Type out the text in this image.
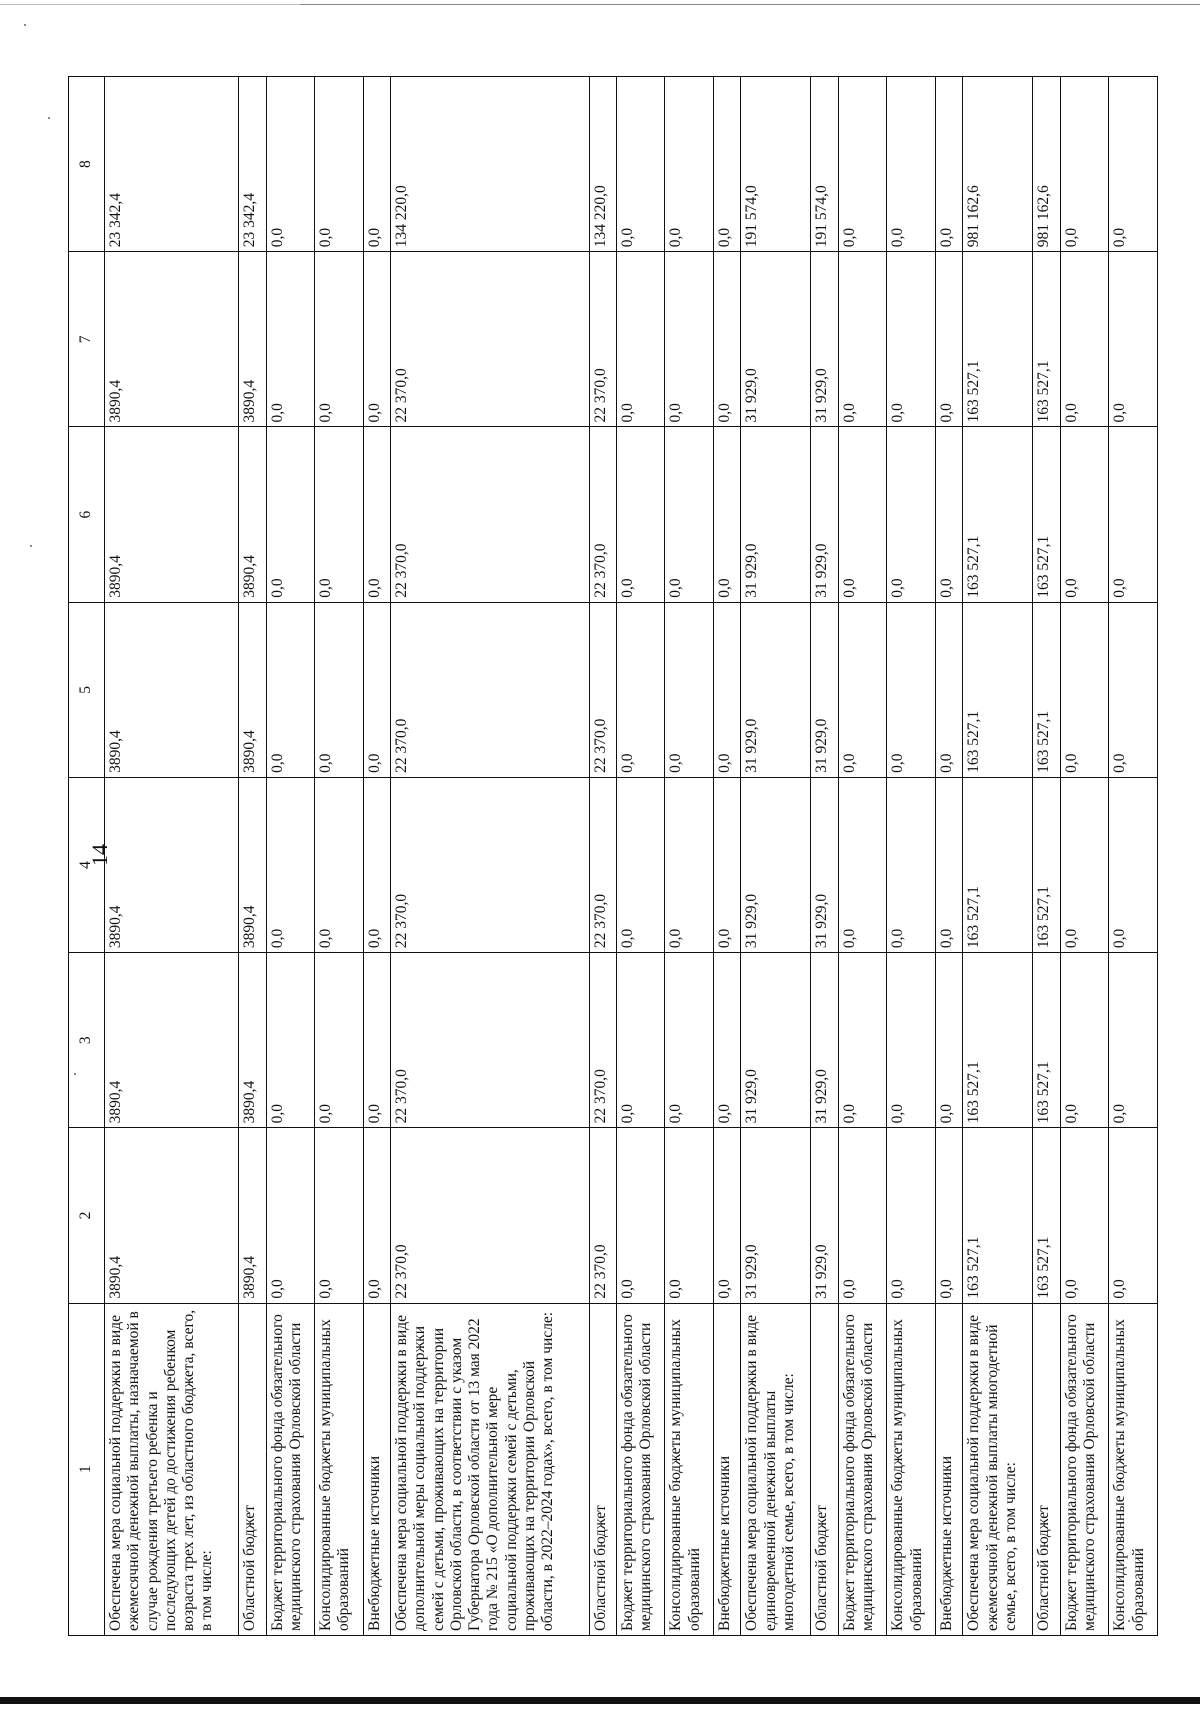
14
1	2	3	4	5	6	7	8
Обеспечена мера социальной поддержки в виде ежемесячной денежной выплаты, назначаемой в случае рождения третьего ребенка и последующих детей до достижения ребенком возраста трех лет, из областного бюджета, всего, в том числе:	3890,4	3890,4	3890,4	3890,4	3890,4	3890,4	23 342,4
Областной бюджет	3890,4	3890,4	3890,4	3890,4	3890,4	3890,4	23 342,4
Бюджет территориального фонда обязательного медицинского страхования Орловской области	0,0	0,0	0,0	0,0	0,0	0,0	0,0
Консолидированные бюджеты муниципальных образований	0,0	0,0	0,0	0,0	0,0	0,0	0,0
Внебюджетные источники	0,0	0,0	0,0	0,0	0,0	0,0	0,0
Обеспечена мера социальной поддержки в виде дополнительной меры социальной поддержки семей с детьми, проживающих на территории Орловской области, в соответствии с указом Губернатора Орловской области от 13 мая 2022 года № 215 «О дополнительной мере социальной поддержки семей с детьми, проживающих на территории Орловской области, в 2022–2024 годах», всего, в том числе:	22 370,0	22 370,0	22 370,0	22 370,0	22 370,0	22 370,0	134 220,0
Областной бюджет	22 370,0	22 370,0	22 370,0	22 370,0	22 370,0	22 370,0	134 220,0
Бюджет территориального фонда обязательного медицинского страхования Орловской области	0,0	0,0	0,0	0,0	0,0	0,0	0,0
Консолидированные бюджеты муниципальных образований	0,0	0,0	0,0	0,0	0,0	0,0	0,0
Внебюджетные источники	0,0	0,0	0,0	0,0	0,0	0,0	0,0
Обеспечена мера социальной поддержки в виде единовременной денежной выплаты многодетной семье, всего, в том числе:	31 929,0	31 929,0	31 929,0	31 929,0	31 929,0	31 929,0	191 574,0
Областной бюджет	31 929,0	31 929,0	31 929,0	31 929,0	31 929,0	31 929,0	191 574,0
Бюджет территориального фонда обязательного медицинского страхования Орловской области	0,0	0,0	0,0	0,0	0,0	0,0	0,0
Консолидированные бюджеты муниципальных образований	0,0	0,0	0,0	0,0	0,0	0,0	0,0
Внебюджетные источники	0,0	0,0	0,0	0,0	0,0	0,0	0,0
Обеспечена мера социальной поддержки в виде ежемесячной денежной выплаты многодетной семье, всего, в том числе:	163 527,1	163 527,1	163 527,1	163 527,1	163 527,1	163 527,1	981 162,6
Областной бюджет	163 527,1	163 527,1	163 527,1	163 527,1	163 527,1	163 527,1	981 162,6
Бюджет территориального фонда обязательного медицинского страхования Орловской области	0,0	0,0	0,0	0,0	0,0	0,0	0,0
Консолидированные бюджеты муниципальных образований	0,0	0,0	0,0	0,0	0,0	0,0	0,0
